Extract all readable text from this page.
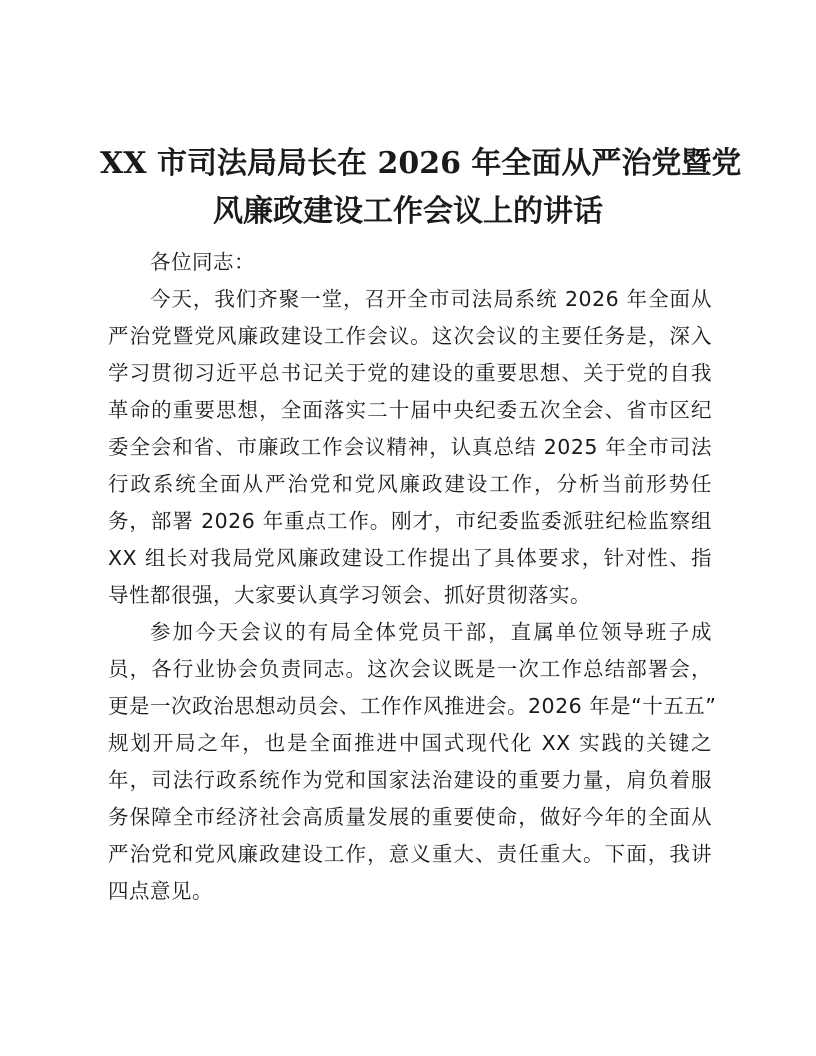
XX 市司法局局长在 2026 年全面从严治党暨党
风廉政建设工作会议上的讲话
各位同志：
今天，我们齐聚一堂，召开全市司法局系统 2026 年全面从
严治党暨党风廉政建设工作会议。这次会议的主要任务是，深入
学习贯彻习近平总书记关于党的建设的重要思想、关于党的自我
革命的重要思想，全面落实二十届中央纪委五次全会、省市区纪
委全会和省、市廉政工作会议精神，认真总结 2025 年全市司法
行政系统全面从严治党和党风廉政建设工作，分析当前形势任
务，部署 2026 年重点工作。刚才，市纪委监委派驻纪检监察组
XX 组长对我局党风廉政建设工作提出了具体要求，针对性、指
导性都很强，大家要认真学习领会、抓好贯彻落实。
参加今天会议的有局全体党员干部，直属单位领导班子成
员，各行业协会负责同志。这次会议既是一次工作总结部署会，
更是一次政治思想动员会、工作作风推进会。2026 年是“十五五”
规划开局之年，也是全面推进中国式现代化 XX 实践的关键之
年，司法行政系统作为党和国家法治建设的重要力量，肩负着服
务保障全市经济社会高质量发展的重要使命，做好今年的全面从
严治党和党风廉政建设工作，意义重大、责任重大。下面，我讲
四点意见。
